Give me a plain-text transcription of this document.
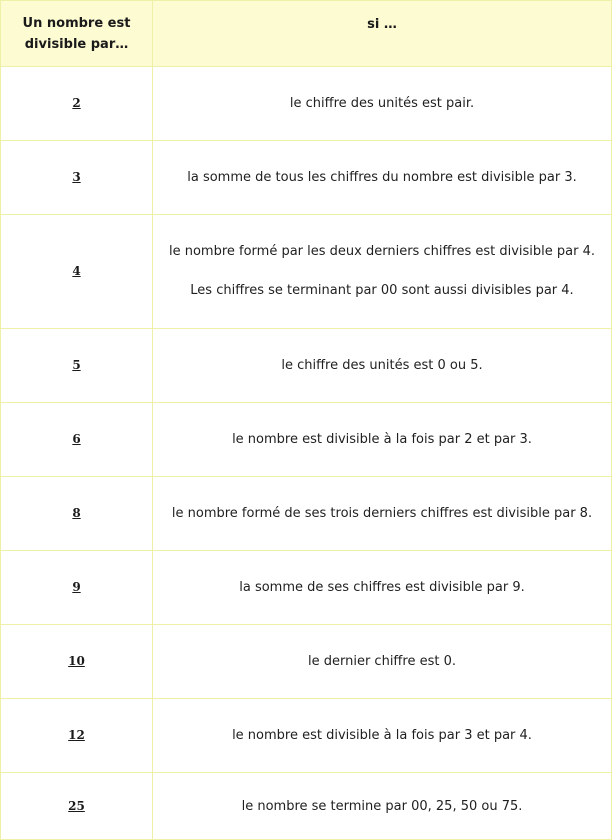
Un nombre est
divisible par…	si …
2	le chiffre des unités est pair.
3	la somme de tous les chiffres du nombre est divisible par 3.
4	le nombre formé par les deux derniers chiffres est divisible par 4.
Les chiffres se terminant par 00 sont aussi divisibles par 4.

5	le chiffre des unités est 0 ou 5.
6	le nombre est divisible à la fois par 2 et par 3.
8	le nombre formé de ses trois derniers chiffres est divisible par 8.
9	la somme de ses chiffres est divisible par 9.
10	le dernier chiffre est 0.
12	le nombre est divisible à la fois par 3 et par 4.
25	le nombre se termine par 00, 25, 50 ou 75.
